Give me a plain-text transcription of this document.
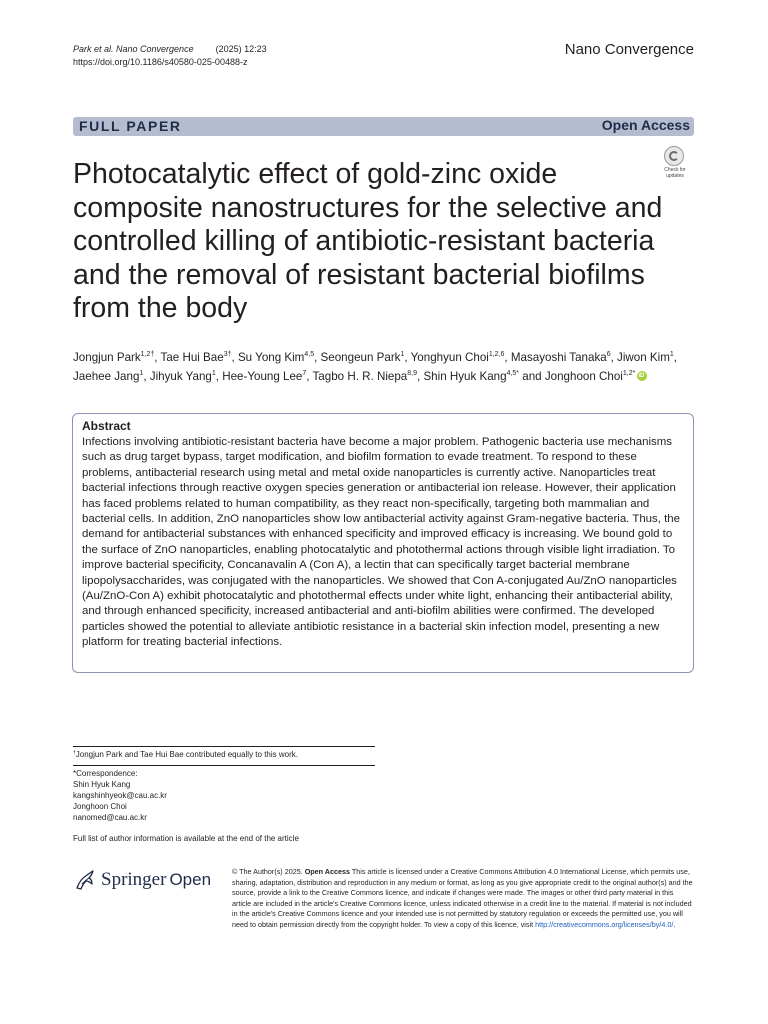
Park et al. Nano Convergence (2025) 12:23
https://doi.org/10.1186/s40580-025-00488-z
Nano Convergence
FULL PAPER	Open Access
Check for updates
Photocatalytic effect of gold-zinc oxide composite nanostructures for the selective and controlled killing of antibiotic-resistant bacteria and the removal of resistant bacterial biofilms from the body
Jongjun Park$^{1,2\dagger}$, Tae Hui Bae$^{3\dagger}$, Su Yong Kim$^{4,5}$, Seongeun Park$^1$, Yonghyun Choi$^{1,2,6}$, Masayoshi Tanaka$^6$, Jiwon Kim$^1$, Jaehee Jang$^1$, Jihyuk Yang$^1$, Hee-Young Lee$^7$, Tagbo H. R. Niepa$^{8,9}$, Shin Hyuk Kang$^{4,5*}$ and Jonghoon Choi$^{1,2*}$iD
Abstract

Infections involving antibiotic-resistant bacteria have become a major problem. Pathogenic bacteria use mechanisms such as drug target bypass, target modification, and biofilm formation to evade treatment. To respond to these problems, antibacterial research using metal and metal oxide nanoparticles is currently active. Nanoparticles treat bacterial infections through reactive oxygen species generation or antibacterial ion release. However, their application has faced problems related to human compatibility, as they react non-specifically, targeting both mammalian and bacterial cells. In addition, ZnO nanoparticles show low antibacterial activity against Gram-negative bacteria. Thus, the demand for antibacterial substances with enhanced specificity and improved efficacy is increasing. We bound gold to the surface of ZnO nanoparticles, enabling photocatalytic and photothermal actions through visible light irradiation. To improve bacterial specificity, Concanavalin A (Con A), a lectin that can specifically target bacterial membrane lipopolysaccharides, was conjugated with the nanoparticles. We showed that Con A-conjugated Au/ZnO nanoparticles (Au/ZnO-Con A) exhibit photocatalytic and photothermal effects under white light, enhancing their antibacterial ability, and through enhanced specificity, increased antibacterial and anti-biofilm abilities were confirmed. The developed particles showed the potential to alleviate antibiotic resistance in a bacterial skin infection model, presenting a new platform for treating bacterial infections.

†Jongjun Park and Tae Hui Bae contributed equally to this work.
*Correspondence:
Shin Hyuk Kang
kangshinhyeok@cau.ac.kr
Jonghoon Choi
nanomed@cau.ac.kr
Full list of author information is available at the end of the article
Springer Open	© The Author(s) 2025. Open Access This article is licensed under a Creative Commons Attribution 4.0 International License, which permits use, sharing, adaptation, distribution and reproduction in any medium or format, as long as you give appropriate credit to the original author(s) and the source, provide a link to the Creative Commons licence, and indicate if changes were made. The images or other third party material in this article are included in the article's Creative Commons licence, unless indicated otherwise in a credit line to the material. If material is not included in the article's Creative Commons licence and your intended use is not permitted by statutory regulation or exceeds the permitted use, you will need to obtain permission directly from the copyright holder. To view a copy of this licence, visit http://creativecommons.org/licenses/by/4.0/.
